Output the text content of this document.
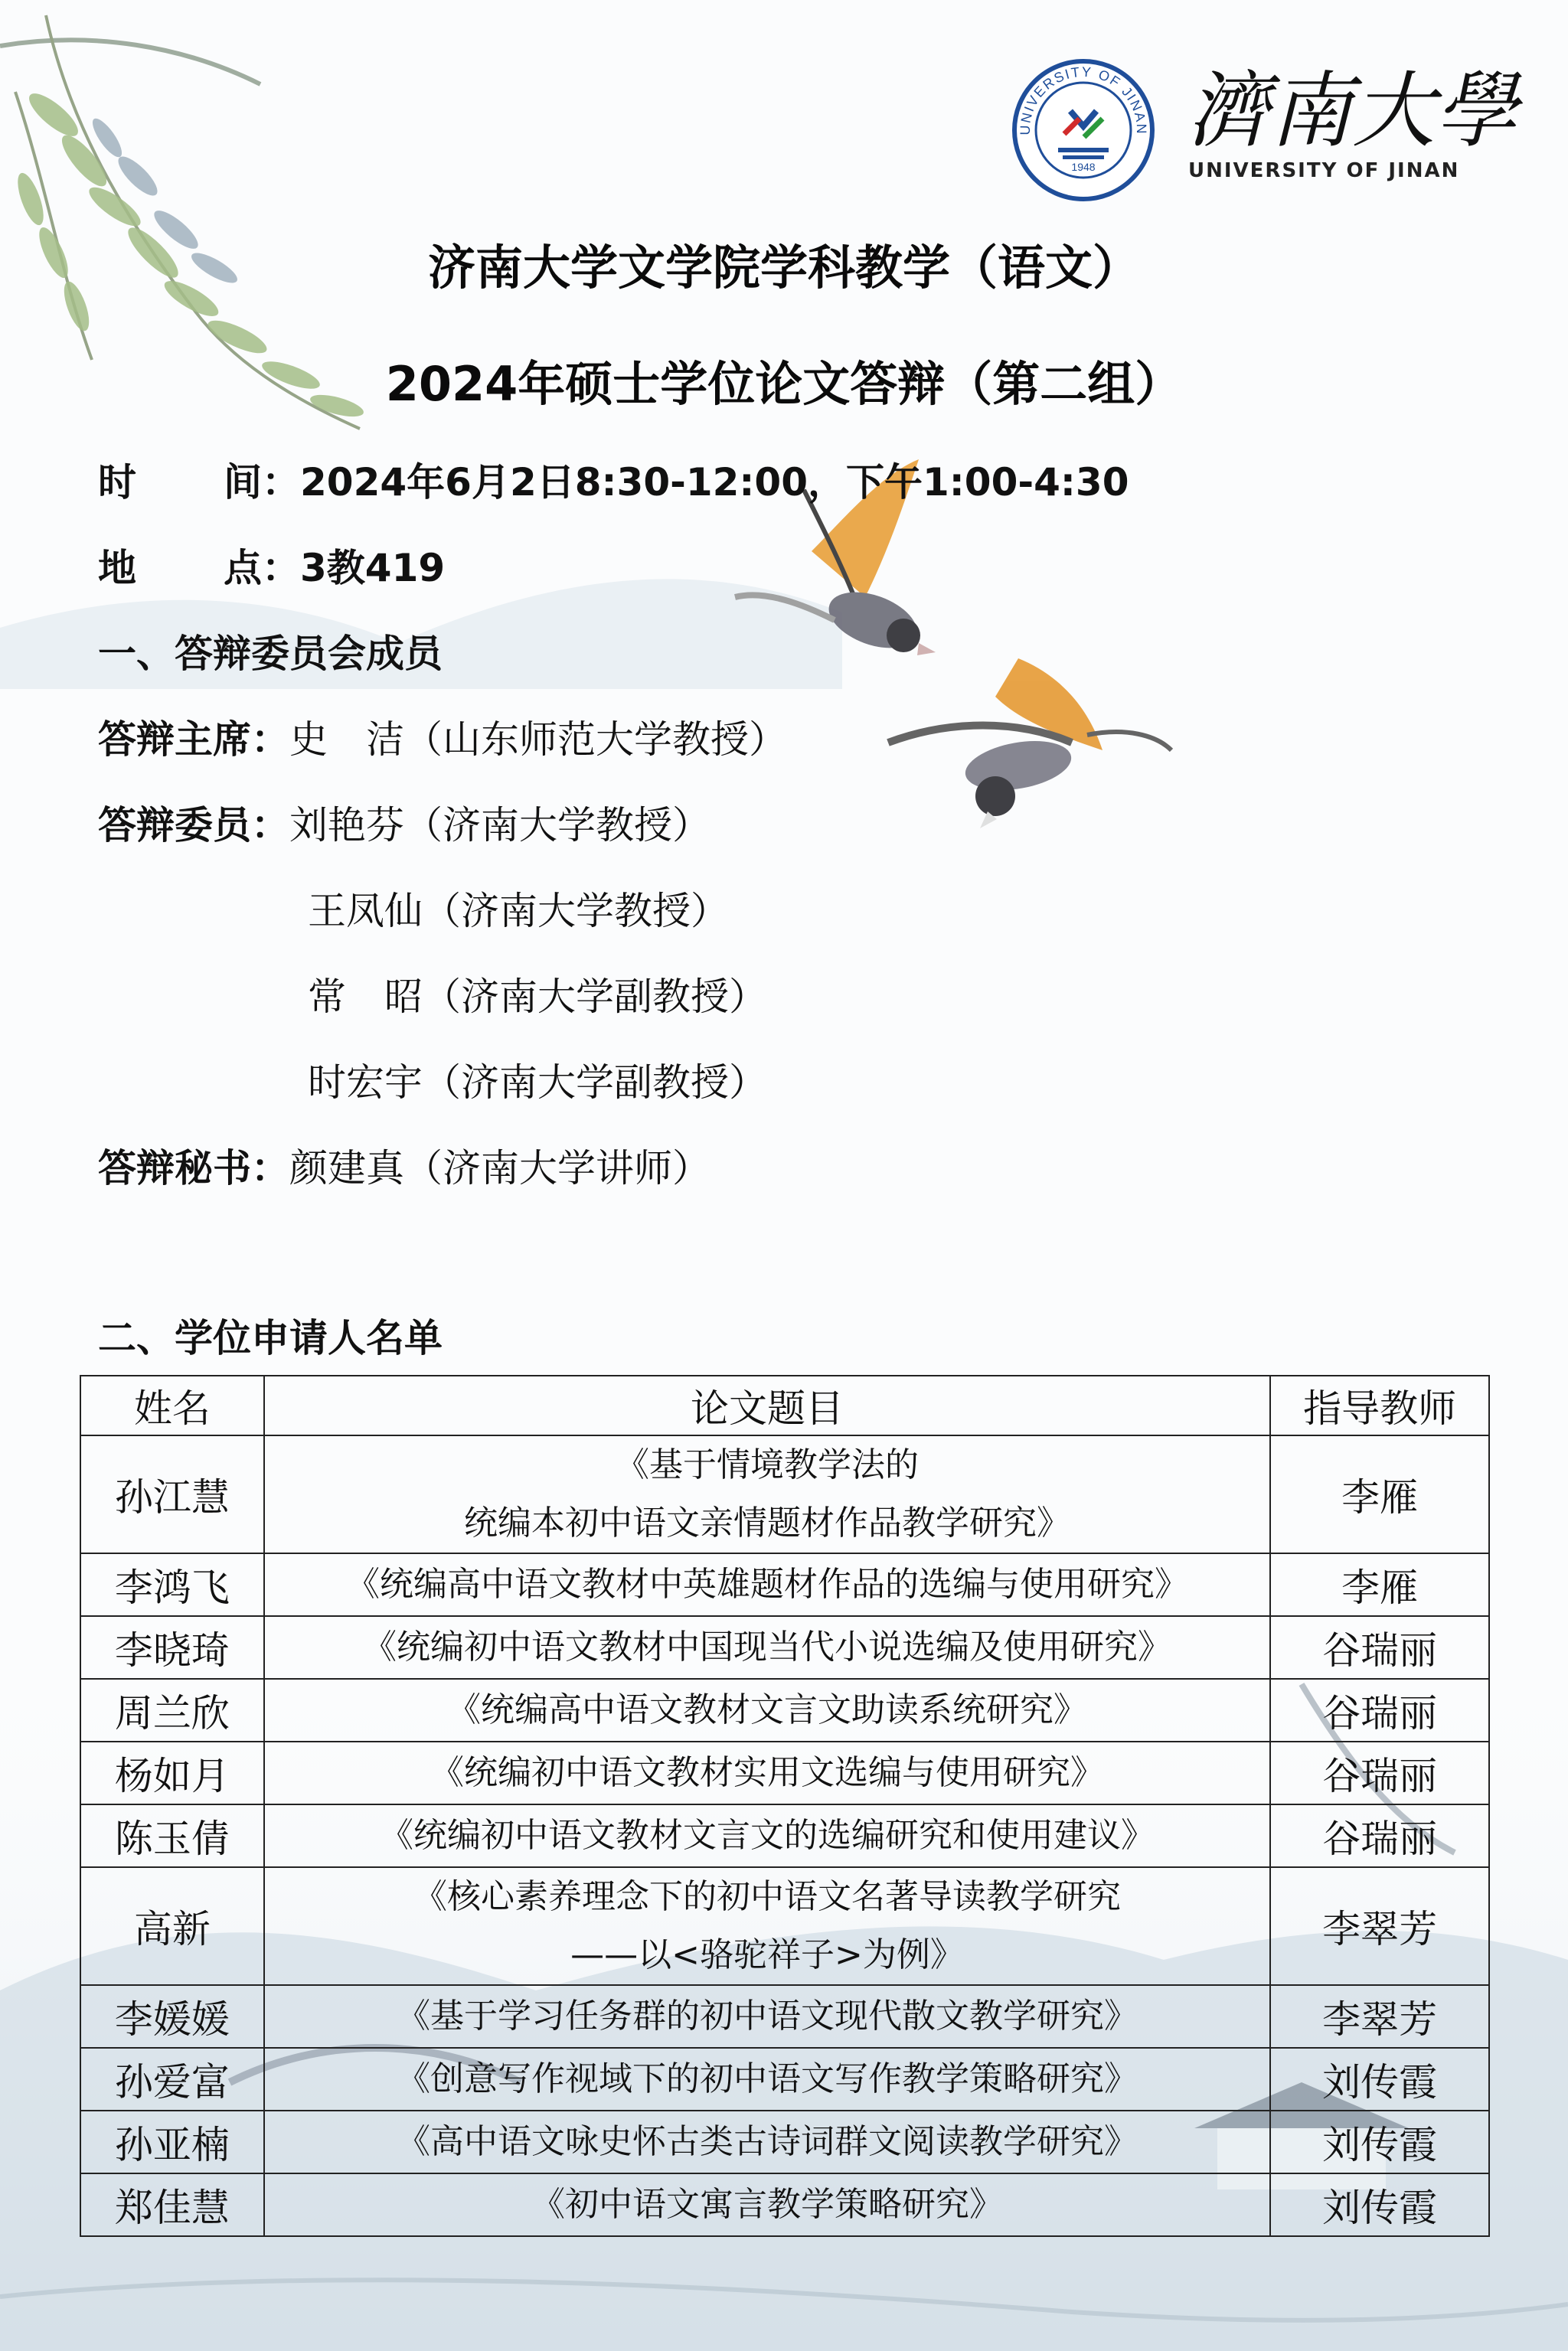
1948
UNIVERSITY OF JINAN 濟南大學
UNIVERSITY OF JINAN
济南大学文学院学科教学（语文）
2024年硕士学位论文答辩（第二组）
时 间：2024年6月2日8:30-12:00，下午1:00-4:30
地 点：3教419
一、答辩委员会成员
答辩主席：史　洁（山东师范大学教授）
答辩委员：刘艳芬（济南大学教授）
王凤仙（济南大学教授）
常　昭（济南大学副教授）
时宏宇（济南大学副教授）
答辩秘书：颜建真（济南大学讲师）
二、学位申请人名单
姓名	论文题目	指导教师
孙江慧	《基于情境教学法的
统编本初中语文亲情题材作品教学研究》	李雁
李鸿飞	《统编高中语文教材中英雄题材作品的选编与使用研究》	李雁
李晓琦	《统编初中语文教材中国现当代小说选编及使用研究》	谷瑞丽
周兰欣	《统编高中语文教材文言文助读系统研究》	谷瑞丽
杨如月	《统编初中语文教材实用文选编与使用研究》	谷瑞丽
陈玉倩	《统编初中语文教材文言文的选编研究和使用建议》	谷瑞丽
高新	《核心素养理念下的初中语文名著导读教学研究
——以<骆驼祥子>为例》	李翠芳
李媛媛	《基于学习任务群的初中语文现代散文教学研究》	李翠芳
孙爱富	《创意写作视域下的初中语文写作教学策略研究》	刘传霞
孙亚楠	《高中语文咏史怀古类古诗词群文阅读教学研究》	刘传霞
郑佳慧	《初中语文寓言教学策略研究》	刘传霞
